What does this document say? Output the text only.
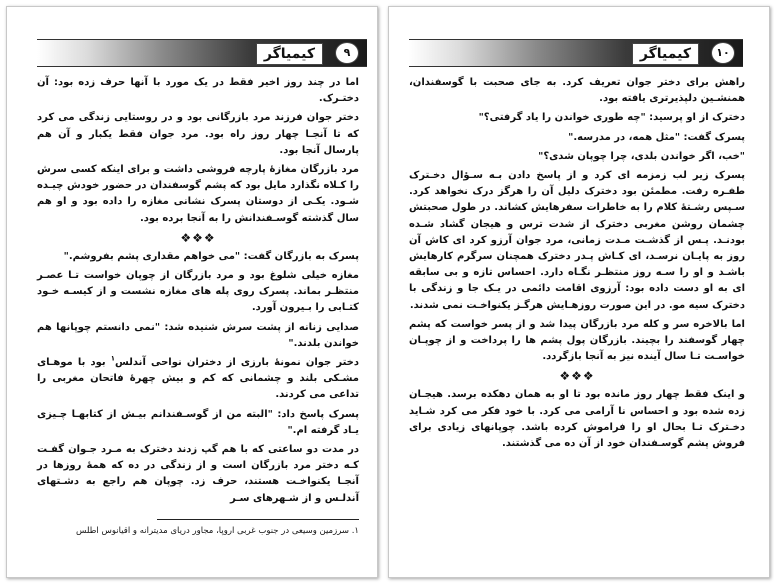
۹
کیمیاگر

اما در چند روز اخیر فقط در یک مورد با آنها حرف زده بود: آن دختـرک.

دختر جوان فرزند مرد بازرگانی بود و در روستایی زندگی می کرد که تا آنجـا چهار روز راه بود. مرد جوان فقط یکبار و آن هم پارسال آنجا بود.

مرد بازرگان مغازهٔ پارچه فروشی داشت و برای اینکه کسی سرش را کـلاه نگذارد مایل بود که پشم گوسفندان در حضور خودش چیـده شـود. یکـی از دوستان پسرک نشانی مغازه را داده بود و او هم سال گذشته گوسـفندانش را به آنجا برده بود.

❖❖❖

پسرک به بازرگان گفت: "می خواهم مقداری پشم بفروشم."

مغازه خیلی شلوغ بود و مرد بازرگان از چوپان خواست تـا عصـر منتظـر بماند. پسرک روی پله های مغازه نشست و از کیسـه خـود کتـابی را بـیرون آورد.

صدایی زنانه از پشت سرش شنیده شد: "نمی دانستم چوپانها هم خواندن بلدند."

دختر جوان نمونهٔ بارزی از دختران نواحی آندلس$^۱$ بود با موهـای مشـکی بلند و چشمانی که کم و بیش چهرهٔ فاتحان مغربی را تداعی می کردند.

پسرک پاسخ داد: "البته من از گوسـفندانم بیـش از کتابهـا چـیزی یـاد گرفته ام."

در مدت دو ساعتی که با هم گپ زدند دخترک به مـرد جـوان گفـت کـه دختر مرد بازرگان است و از زندگی در ده که همهٔ روزها در آنجـا یکنواخـت هستند، حرف زد. چوپان هم راجع به دشـتهای آندلـس و از شـهرهای سـر

۱. سرزمین وسیعی در جنوب غربی اروپا، مجاور دریای مدیترانه و اقیانوس اطلس
۱۰
کیمیاگر

راهش برای دختر جوان تعریف کرد. به جای صحبت با گوسفندان، همنشـین دلپذیرتری یافته بود.

دخترک از او پرسید: "چه طوری خواندن را یاد گرفتی؟"

پسرک گفت: "مثل همه، در مدرسه."

"خب، اگر خواندن بلدی، چرا چوپان شدی؟"

پسرک زیر لب زمزمه ای کرد و از پاسخ دادن بـه سـؤال دخـترک طفـره رفت. مطمئن بود دخترک دلیل آن را هرگز درک نخواهد کرد. سـپس رشـتهٔ کلام را به خاطرات سفرهایش کشاند. در طول صحبتش چشمان روشن مغربی دخترک از شدت ترس و هیجان گشاد شـده بودنـد. پـس از گذشـت مـدت زمانی، مرد جوان آرزو کرد ای کاش آن روز به پایـان نرسـد، ای کـاش پـدر دخترک همچنان سرگرم کارهایش باشـد و او را سـه روز منتظـر نگـاه دارد. احساس تازه و بی سابقه ای به او دست داده بود: آرزوی اقامت دائمی در یـک جا و زندگی با دخترک سیه مو. در این صورت روزهـایش هرگـز یکنواخـت نمی شدند.

اما بالاخره سر و کله مرد بازرگان پیدا شد و از پسر خواست که پشم چهار گوسفند را بچیند. بازرگان پول پشم ها را پرداخت و از چوپـان خواسـت تـا سال آینده نیز به آنجا بازگردد.

❖❖❖

و اینک فقط چهار روز مانده بود تا او به همان دهکده برسد. هیجـان زده شده بود و احساس نا آرامی می کرد. با خود فکر می کرد شـاید دخـترک تـا بحال او را فراموش کرده باشد. چوپانهای زیادی برای فروش پشم گوسـفندان خود از آن ده می گذشتند.
